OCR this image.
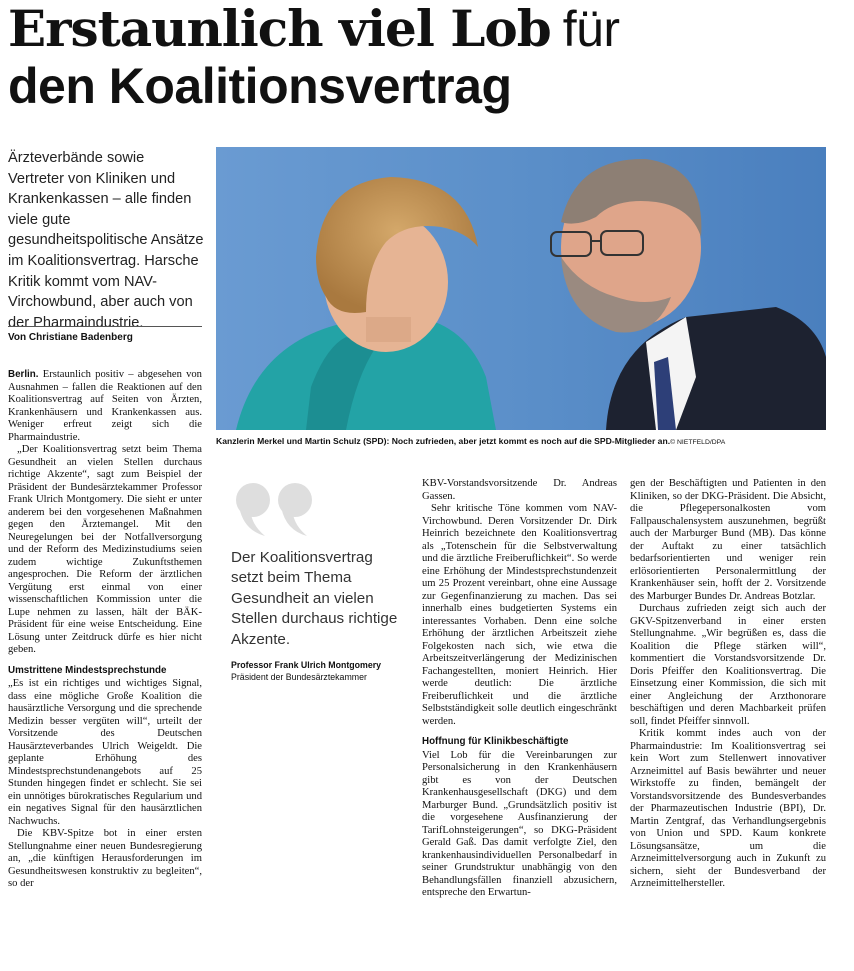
Erstaunlich viel Lob für
den Koalitionsvertrag

Ärzteverbände sowie Vertreter von Kliniken und Krankenkassen – alle finden viele gute gesundheitspolitische Ansätze im Koalitionsvertrag. Harsche Kritik kommt vom NAV-Virchowbund, aber auch von der Pharmaindustrie.

Von Christiane Badenberg

Kanzlerin Merkel und Martin Schulz (SPD): Noch zufrieden, aber jetzt kommt es noch auf die SPD-Mitglieder an.© NIETFELD/DPA

Der Koalitionsvertrag setzt beim Thema Gesundheit an vielen Stellen durchaus richtige Akzente.

Professor Frank Ulrich Montgomery

Präsident der Bundesärztekammer

Berlin. Erstaunlich positiv – abgesehen von Ausnahmen – fallen die Reaktionen auf den Koalitionsvertrag auf Seiten von Ärzten, Krankenhäusern und Krankenkassen aus. Weniger erfreut zeigt sich die Pharmaindustrie.

„Der Koalitionsvertrag setzt beim Thema Gesundheit an vielen Stellen durchaus richtige Akzente“, sagt zum Beispiel der Präsident der Bundesärztekammer Professor Frank Ulrich Montgomery. Die sieht er unter anderem bei den vorgesehenen Maßnahmen gegen den Ärztemangel. Mit den Neuregelungen bei der Notfallversorgung und der Reform des Medizinstudiums seien zudem wichtige Zukunftsthemen angesprochen. Die Reform der ärztlichen Vergütung erst einmal von einer wissenschaftlichen Kommission unter die Lupe nehmen zu lassen, hält der BÄK-Präsident für eine weise Entscheidung. Eine Lösung unter Zeitdruck dürfe es hier nicht geben.

Umstrittene Mindestsprechstunde

„Es ist ein richtiges und wichtiges Signal, dass eine mögliche Große Koalition die hausärztliche Versorgung und die sprechende Medizin besser vergüten will“, urteilt der Vorsitzende des Deutschen Hausärzteverbandes Ulrich Weigeldt. Die geplante Erhöhung des Mindestsprechstundenangebots auf 25 Stunden hingegen findet er schlecht. Sie sei ein unnötiges bürokratisches Regularium und ein negatives Signal für den hausärztlichen Nachwuchs.

Die KBV-Spitze bot in einer ersten Stellungnahme einer neuen Bundesregierung an, „die künftigen Herausforderungen im Gesundheitswesen konstruktiv zu begleiten“, so der

KBV-Vorstandsvorsitzende Dr. Andreas Gassen.

Sehr kritische Töne kommen vom NAV-Virchowbund. Deren Vorsitzender Dr. Dirk Heinrich bezeichnete den Koalitionsvertrag als „Totenschein für die Selbstverwaltung und die ärztliche Freiberuflichkeit“. So werde eine Erhöhung der Mindestsprechstundenzeit um 25 Prozent vereinbart, ohne eine Aussage zur Gegenfinanzierung zu machen. Das sei innerhalb eines budgetierten Systems ein interessantes Vorhaben. Denn eine solche Erhöhung der ärztlichen Arbeitszeit ziehe Folgekosten nach sich, wie etwa die Arbeitszeitverlängerung der Medizinischen Fachangestellten, moniert Heinrich. Hier werde deutlich: Die ärztliche Freiberuflichkeit und die ärztliche Selbstständigkeit solle deutlich eingeschränkt werden.

Hoffnung für Klinikbeschäftigte

Viel Lob für die Vereinbarungen zur Personalsicherung in den Krankenhäusern gibt es von der Deutschen Krankenhausgesellschaft (DKG) und dem Marburger Bund. „Grundsätzlich positiv ist die vorgesehene Ausfinanzierung der TarifLohnsteigerungen“, so DKG-Präsident Gerald Gaß. Das damit verfolgte Ziel, den krankenhausindividuellen Personalbedarf in seiner Grundstruktur unabhängig von den Behandlungsfällen finanziell abzusichern, entspreche den Erwartun-

gen der Beschäftigten und Patienten in den Kliniken, so der DKG-Präsident. Die Absicht, die Pflegepersonalkosten vom Fallpauschalensystem auszunehmen, begrüßt auch der Marburger Bund (MB). Das könne der Auftakt zu einer tatsächlich bedarfsorientierten und weniger rein erlösorientierten Personalermittlung der Krankenhäuser sein, hofft der 2. Vorsitzende des Marburger Bundes Dr. Andreas Botzlar.

Durchaus zufrieden zeigt sich auch der GKV-Spitzenverband in einer ersten Stellungnahme. „Wir begrüßen es, dass die Koalition die Pflege stärken will“, kommentiert die Vorstandsvorsitzende Dr. Doris Pfeiffer den Koalitionsvertrag. Die Einsetzung einer Kommission, die sich mit einer Angleichung der Arzthonorare beschäftigen und deren Machbarkeit prüfen soll, findet Pfeiffer sinnvoll.

Kritik kommt indes auch von der Pharmaindustrie: Im Koalitionsvertrag sei kein Wort zum Stellenwert innovativer Arzneimittel auf Basis bewährter und neuer Wirkstoffe zu finden, bemängelt der Vorstandsvorsitzende des Bundesverbandes der Pharmazeutischen Industrie (BPI), Dr. Martin Zentgraf, das Verhandlungsergebnis von Union und SPD. Kaum konkrete Lösungsansätze, um die Arzneimittelversorgung auch in Zukunft zu sichern, sieht der Bundesverband der Arzneimittelhersteller.
